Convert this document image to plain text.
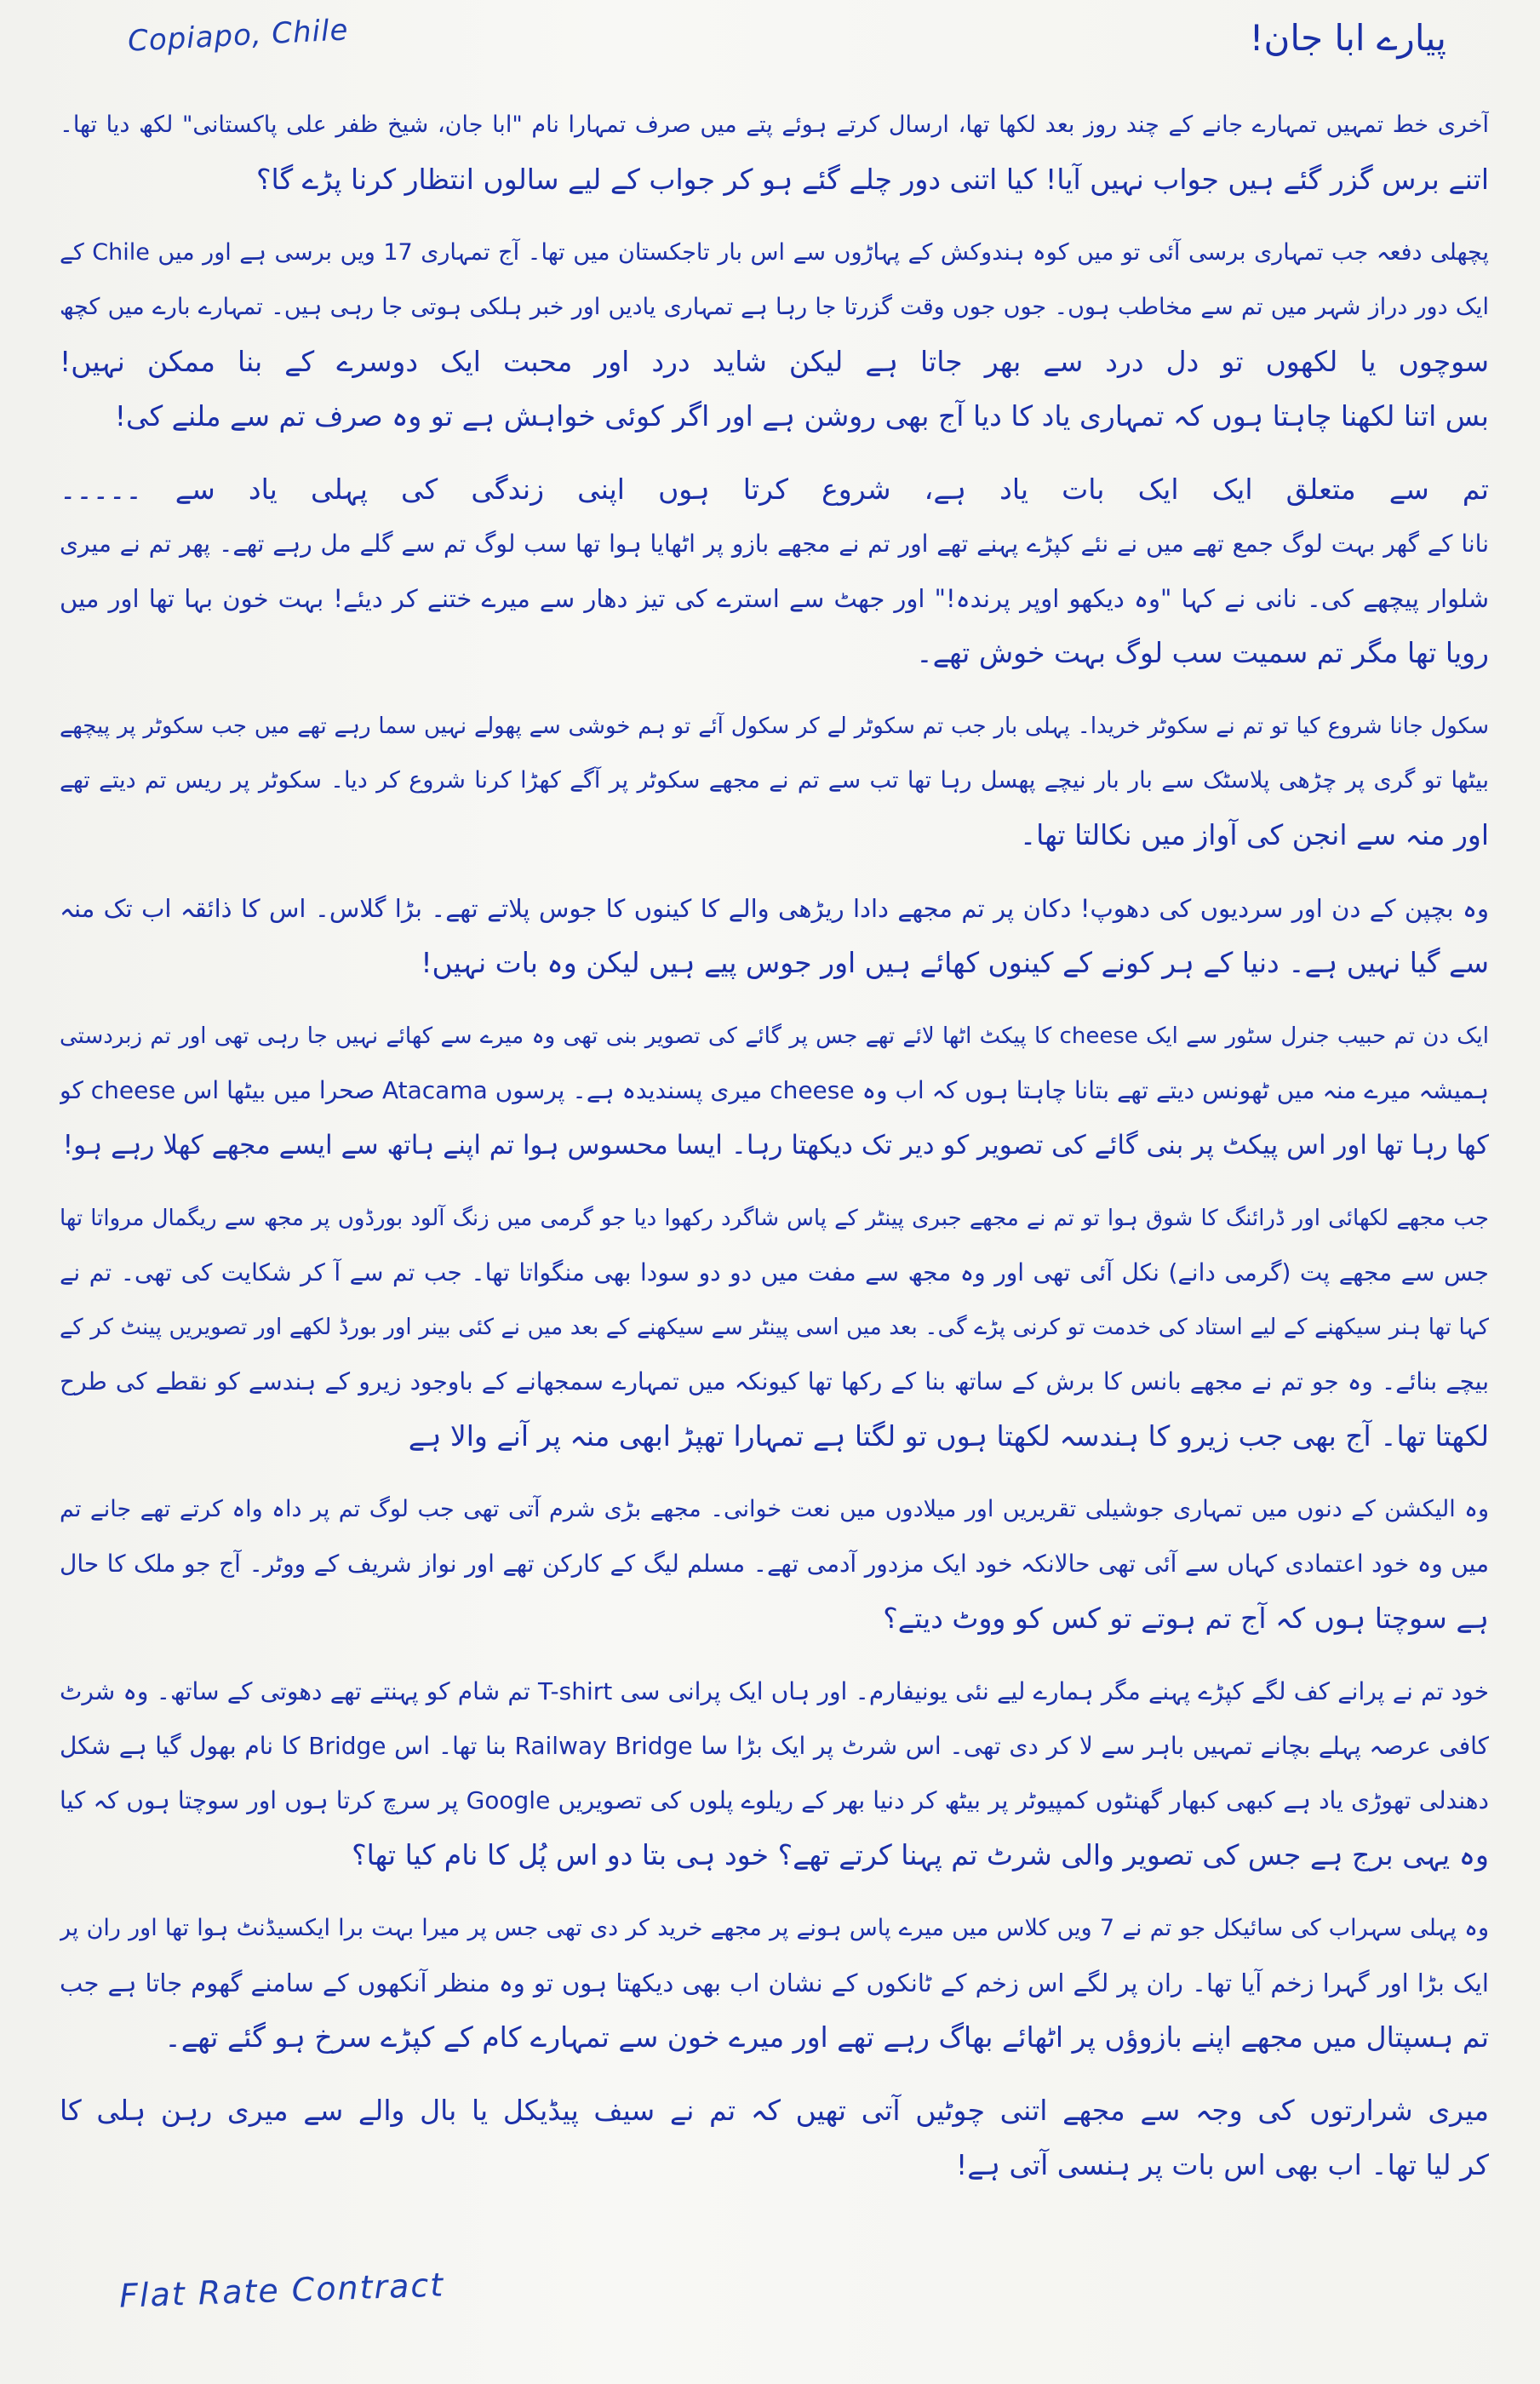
Copiapo, Chile	پیارے ابا جان!
آخری خط تمہیں تمہارے جانے کے چند روز بعد لکھا تھا، ارسال کرتے ہوئے پتے میں صرف تمہارا نام "ابا جان، شیخ ظفر علی پاکستانی" لکھ دیا تھا۔
اتنے برس گزر گئے ہیں جواب نہیں آیا! کیا اتنی دور چلے گئے ہو کر جواب کے لیے سالوں انتظار کرنا پڑے گا؟
پچھلی دفعہ جب تمہاری برسی آئی تو میں کوہ ہندوکش کے پہاڑوں سے اس بار تاجکستان میں تھا۔ آج تمہاری 17 ویں برسی ہے اور میں Chile کے
ایک دور دراز شہر میں تم سے مخاطب ہوں۔ جوں جوں وقت گزرتا جا رہا ہے تمہاری یادیں اور خبر ہلکی ہوتی جا رہی ہیں۔ تمہارے بارے میں کچھ
سوچوں یا لکھوں تو دل درد سے بھر جاتا ہے لیکن شاید درد اور محبت ایک دوسرے کے بنا ممکن نہیں!
بس اتنا لکھنا چاہتا ہوں کہ تمہاری یاد کا دیا آج بھی روشن ہے اور اگر کوئی خواہش ہے تو وہ صرف تم سے ملنے کی!
تم سے متعلق ایک ایک بات یاد ہے، شروع کرتا ہوں اپنی زندگی کی پہلی یاد سے ۔۔۔۔۔
نانا کے گھر بہت لوگ جمع تھے میں نے نئے کپڑے پہنے تھے اور تم نے مجھے بازو پر اٹھایا ہوا تھا سب لوگ تم سے گلے مل رہے تھے۔ پھر تم نے میری
شلوار پیچھے کی۔ نانی نے کہا "وہ دیکھو اوپر پرندہ!" اور جھٹ سے استرے کی تیز دھار سے میرے ختنے کر دیئے! بہت خون بہا تھا اور میں
رویا تھا مگر تم سمیت سب لوگ بہت خوش تھے۔
سکول جانا شروع کیا تو تم نے سکوٹر خریدا۔ پہلی بار جب تم سکوٹر لے کر سکول آئے تو ہم خوشی سے پھولے نہیں سما رہے تھے میں جب سکوٹر پر پیچھے
بیٹھا تو گری پر چڑھی پلاسٹک سے بار بار نیچے پھسل رہا تھا تب سے تم نے مجھے سکوٹر پر آگے کھڑا کرنا شروع کر دیا۔ سکوٹر پر ریس تم دیتے تھے
اور منہ سے انجن کی آواز میں نکالتا تھا۔
وہ بچپن کے دن اور سردیوں کی دھوپ! دکان پر تم مجھے دادا ریڑھی والے کا کینوں کا جوس پلاتے تھے۔ بڑا گلاس۔ اس کا ذائقہ اب تک منہ
سے گیا نہیں ہے۔ دنیا کے ہر کونے کے کینوں کھائے ہیں اور جوس پیے ہیں لیکن وہ بات نہیں!
ایک دن تم حبیب جنرل سٹور سے ایک cheese کا پیکٹ اٹھا لائے تھے جس پر گائے کی تصویر بنی تھی وہ میرے سے کھائے نہیں جا رہی تھی اور تم زبردستی
ہمیشہ میرے منہ میں ٹھونس دیتے تھے بتانا چاہتا ہوں کہ اب وہ cheese میری پسندیدہ ہے۔ پرسوں Atacama صحرا میں بیٹھا اس cheese کو
کھا رہا تھا اور اس پیکٹ پر بنی گائے کی تصویر کو دیر تک دیکھتا رہا۔ ایسا محسوس ہوا تم اپنے ہاتھ سے ایسے مجھے کھلا رہے ہو!
جب مجھے لکھائی اور ڈرائنگ کا شوق ہوا تو تم نے مجھے جبری پینٹر کے پاس شاگرد رکھوا دیا جو گرمی میں زنگ آلود بورڈوں پر مجھ سے ریگمال مرواتا تھا
جس سے مجھے پت (گرمی دانے) نکل آئی تھی اور وہ مجھ سے مفت میں دو دو سودا بھی منگواتا تھا۔ جب تم سے آ کر شکایت کی تھی۔ تم نے
کہا تھا ہنر سیکھنے کے لیے استاد کی خدمت تو کرنی پڑے گی۔ بعد میں اسی پینٹر سے سیکھنے کے بعد میں نے کئی بینر اور بورڈ لکھے اور تصویریں پینٹ کر کے
بیچے بنائے۔ وہ جو تم نے مجھے بانس کا برش کے ساتھ بنا کے رکھا تھا کیونکہ میں تمہارے سمجھانے کے باوجود زیرو کے ہندسے کو نقطے کی طرح
لکھتا تھا۔ آج بھی جب زیرو کا ہندسہ لکھتا ہوں تو لگتا ہے تمہارا تھپڑ ابھی منہ پر آنے والا ہے
وہ الیکشن کے دنوں میں تمہاری جوشیلی تقریریں اور میلادوں میں نعت خوانی۔ مجھے بڑی شرم آتی تھی جب لوگ تم پر داہ واہ کرتے تھے جانے تم
میں وہ خود اعتمادی کہاں سے آئی تھی حالانکہ خود ایک مزدور آدمی تھے۔ مسلم لیگ کے کارکن تھے اور نواز شریف کے ووٹر۔ آج جو ملک کا حال
ہے سوچتا ہوں کہ آج تم ہوتے تو کس کو ووٹ دیتے؟
خود تم نے پرانے کف لگے کپڑے پہنے مگر ہمارے لیے نئی یونیفارم۔ اور ہاں ایک پرانی سی T-shirt تم شام کو پہنتے تھے دھوتی کے ساتھ۔ وہ شرٹ
کافی عرصہ پہلے بچانے تمہیں باہر سے لا کر دی تھی۔ اس شرٹ پر ایک بڑا سا Railway Bridge بنا تھا۔ اس Bridge کا نام بھول گیا ہے شکل
دھندلی تھوڑی یاد ہے کبھی کبھار گھنٹوں کمپیوٹر پر بیٹھ کر دنیا بھر کے ریلوے پلوں کی تصویریں Google پر سرچ کرتا ہوں اور سوچتا ہوں کہ کیا
وہ یہی برج ہے جس کی تصویر والی شرٹ تم پہنا کرتے تھے؟ خود ہی بتا دو اس پُل کا نام کیا تھا؟
وہ پہلی سہراب کی سائیکل جو تم نے 7 ویں کلاس میں میرے پاس ہونے پر مجھے خرید کر دی تھی جس پر میرا بہت برا ایکسیڈنٹ ہوا تھا اور ران پر
ایک بڑا اور گہرا زخم آیا تھا۔ ران پر لگے اس زخم کے ٹانکوں کے نشان اب بھی دیکھتا ہوں تو وہ منظر آنکھوں کے سامنے گھوم جاتا ہے جب
تم ہسپتال میں مجھے اپنے بازوؤں پر اٹھائے بھاگ رہے تھے اور میرے خون سے تمہارے کام کے کپڑے سرخ ہو گئے تھے۔
میری شرارتوں کی وجہ سے مجھے اتنی چوٹیں آتی تھیں کہ تم نے سیف پیڈیکل یا بال والے سے میری رہن ہلی کا
کر لیا تھا۔ اب بھی اس بات پر ہنسی آتی ہے!
Flat Rate Contract
